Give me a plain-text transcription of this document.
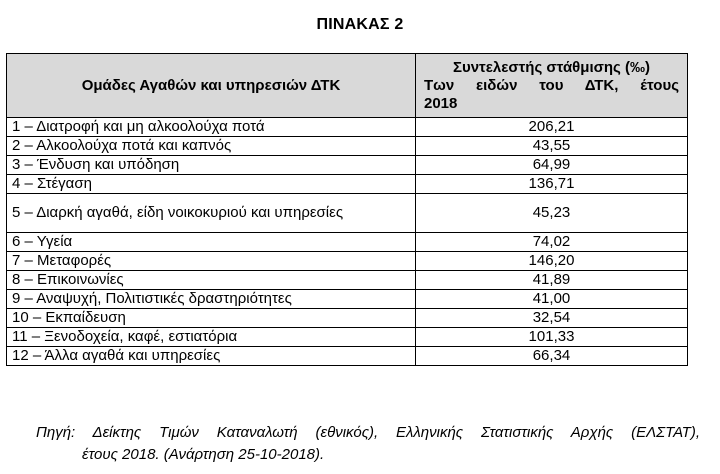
ΠΙΝΑΚΑΣ 2
Ομάδες Αγαθών και υπηρεσιών ΔΤΚ	Συντελεστής στάθμισης (‰)
Των ειδών του ΔΤΚ, έτους
2018

1 – Διατροφή και μη αλκοολούχα ποτά	206,21
2 – Αλκοολούχα ποτά και καπνός	43,55
3 – Ένδυση και υπόδηση	64,99
4 – Στέγαση	136,71
5 – Διαρκή αγαθά, είδη νοικοκυριού και υπηρεσίες	45,23
6 – Υγεία	74,02
7 – Μεταφορές	146,20
8 – Επικοινωνίες	41,89
9 – Αναψυχή, Πολιτιστικές δραστηριότητες	41,00
10 – Εκπαίδευση	32,54
11 – Ξενοδοχεία, καφέ, εστιατόρια	101,33
12 – Άλλα αγαθά και υπηρεσίες	66,34
Πηγή: Δείκτης Τιμών Καταναλωτή (εθνικός), Ελληνικής Στατιστικής Αρχής (ΕΛΣΤΑΤ),
έτους 2018. (Ανάρτηση 25-10-2018).
